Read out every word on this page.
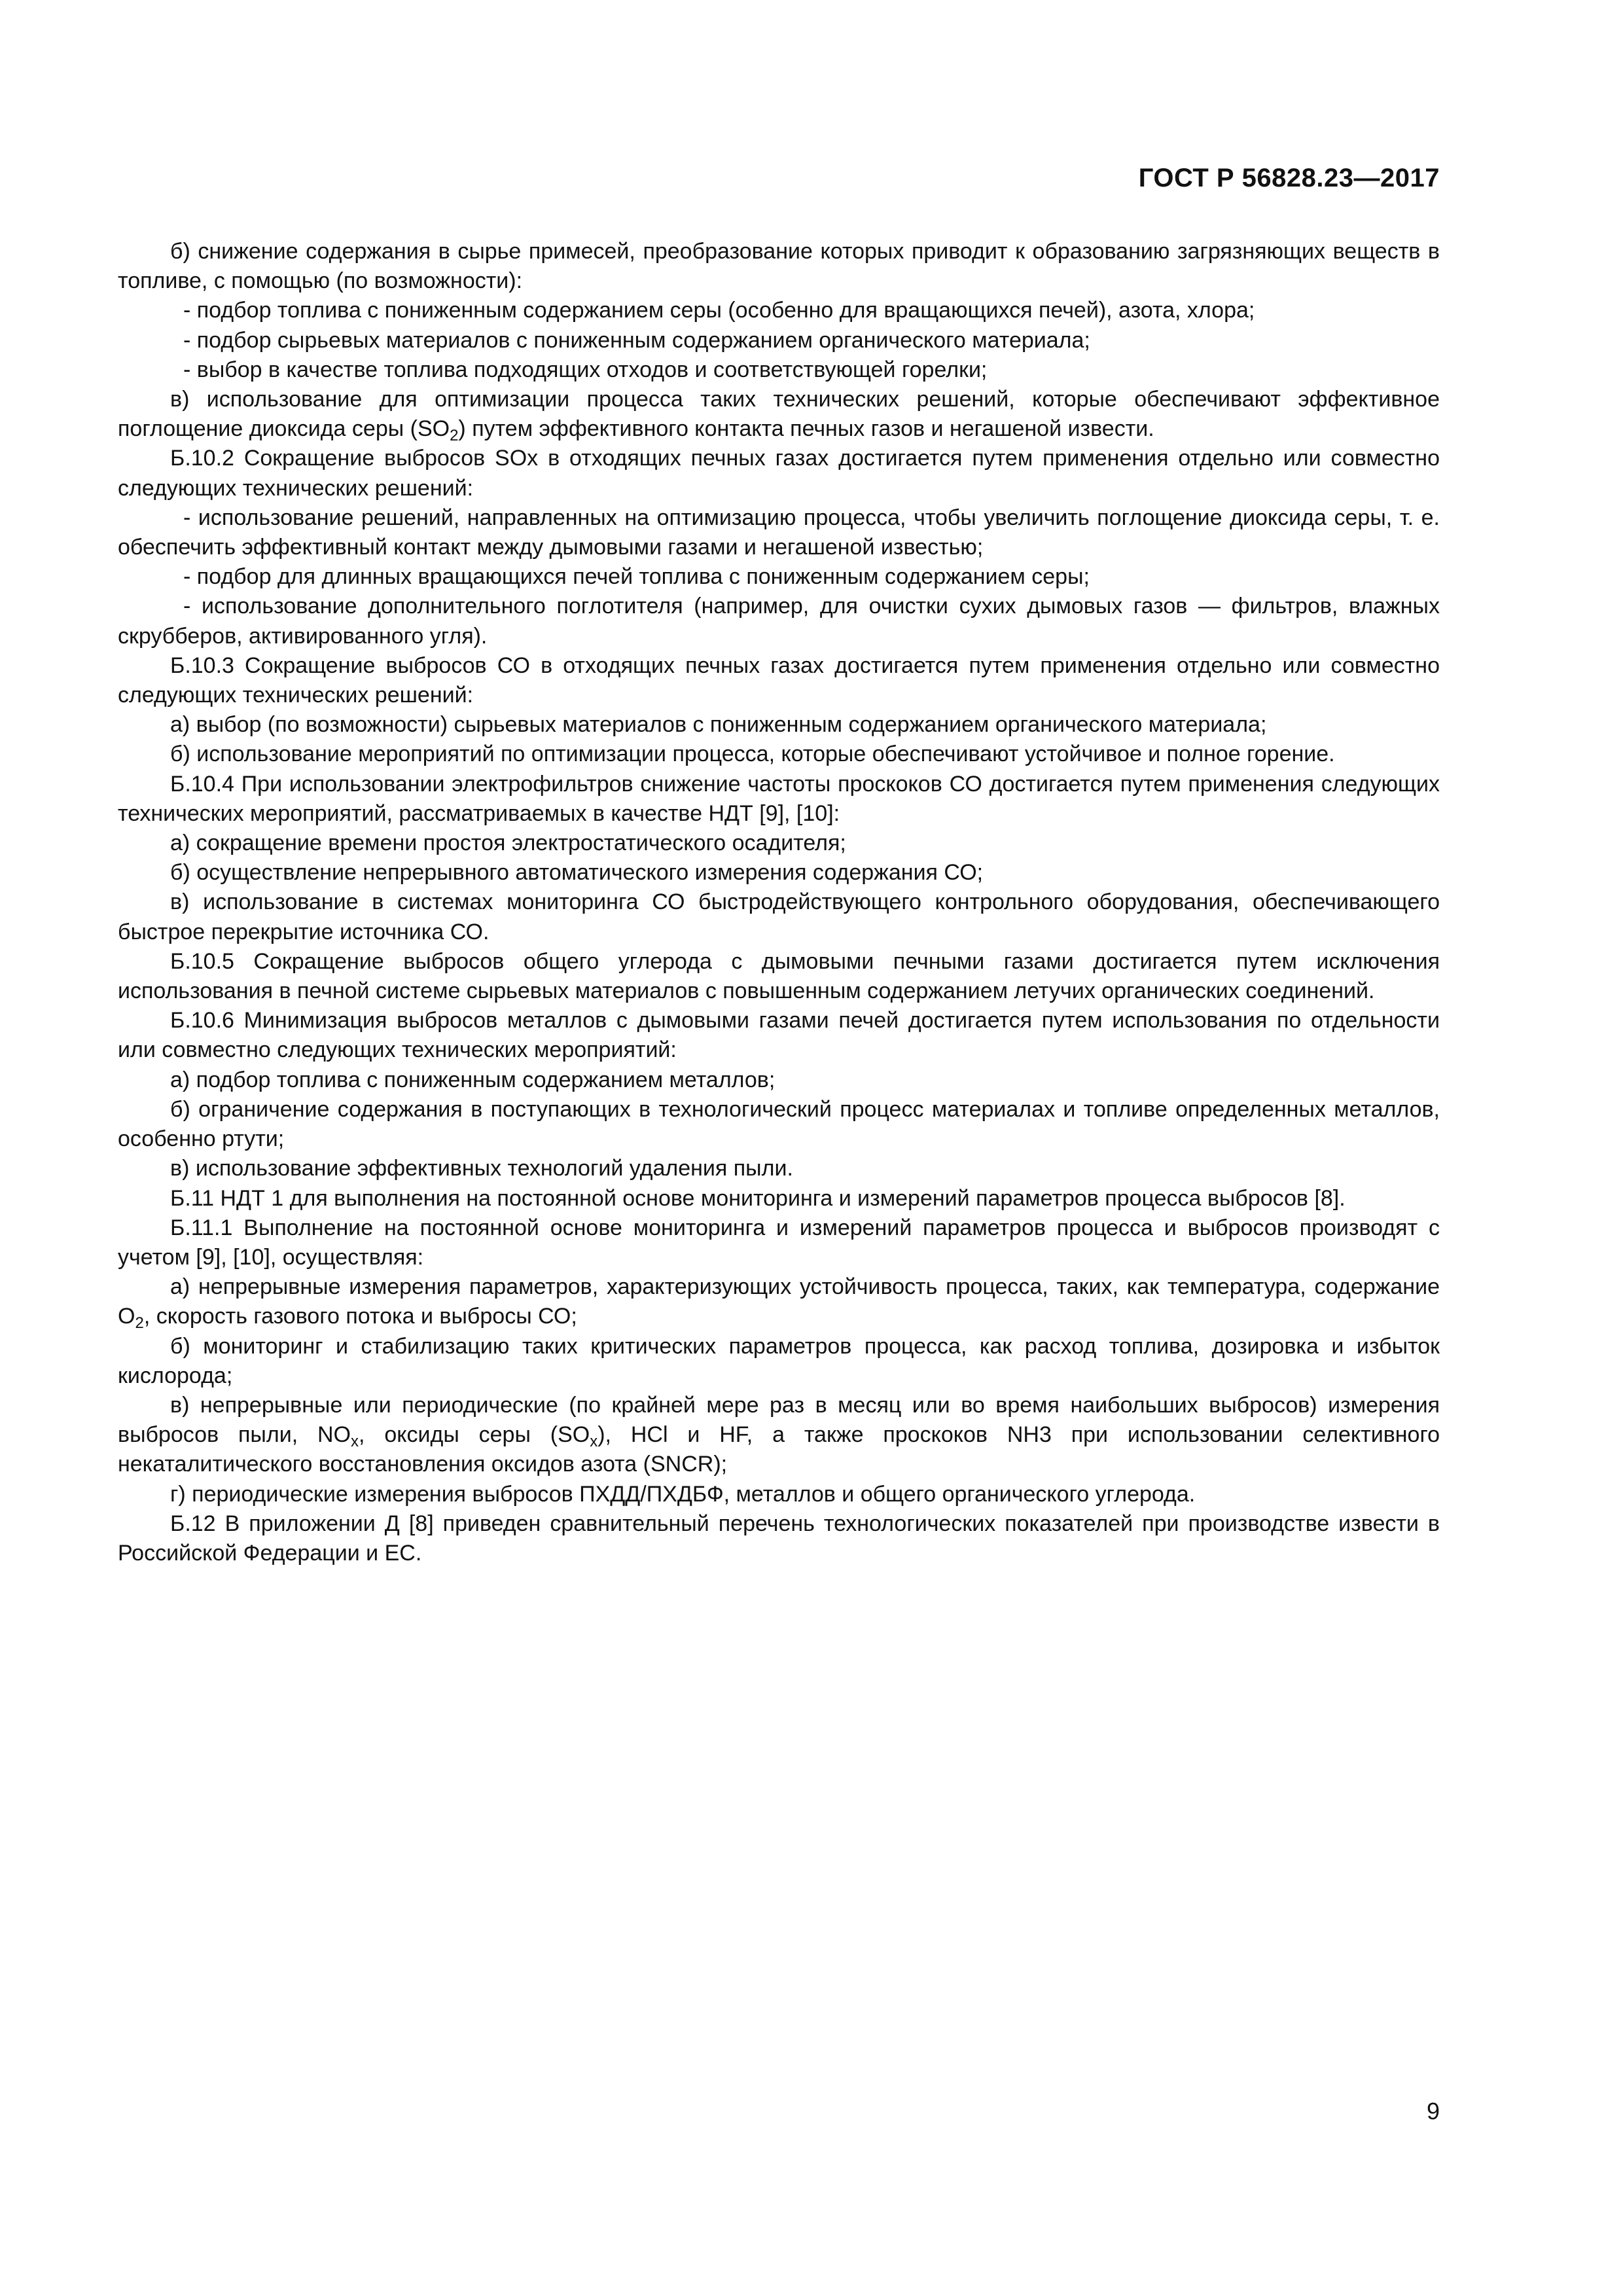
ГОСТ Р 56828.23—2017

б) снижение содержания в сырье примесей, преобразование которых приводит к образованию загрязняющих веществ в топливе, с помощью (по возможности):

- подбор топлива с пониженным содержанием серы (особенно для вращающихся печей), азота, хлора;

- подбор сырьевых материалов с пониженным содержанием органического материала;

- выбор в качестве топлива подходящих отходов и соответствующей горелки;

в) использование для оптимизации процесса таких технических решений, которые обеспечивают эффективное поглощение диоксида серы $(SO_2)$ путем эффективного контакта печных газов и негашеной извести.

Б.10.2 Сокращение выбросов SOx в отходящих печных газах достигается путем применения отдельно или совместно следующих технических решений:

- использование решений, направленных на оптимизацию процесса, чтобы увеличить поглощение диоксида серы, т. е. обеспечить эффективный контакт между дымовыми газами и негашеной известью;

- подбор для длинных вращающихся печей топлива с пониженным содержанием серы;

- использование дополнительного поглотителя (например, для очистки сухих дымовых газов — фильтров, влажных скрубберов, активированного угля).

Б.10.3 Сокращение выбросов СО в отходящих печных газах достигается путем применения отдельно или совместно следующих технических решений:

а) выбор (по возможности) сырьевых материалов с пониженным содержанием органического материала;

б) использование мероприятий по оптимизации процесса, которые обеспечивают устойчивое и полное горение.

Б.10.4 При использовании электрофильтров снижение частоты проскоков СО достигается путем применения следующих технических мероприятий, рассматриваемых в качестве НДТ [9], [10]:

а) сокращение времени простоя электростатического осадителя;

б) осуществление непрерывного автоматического измерения содержания СО;

в) использование в системах мониторинга СО быстродействующего контрольного оборудования, обеспечивающего быстрое перекрытие источника СО.

Б.10.5 Сокращение выбросов общего углерода с дымовыми печными газами достигается путем исключения использования в печной системе сырьевых материалов с повышенным содержанием летучих органических соединений.

Б.10.6 Минимизация выбросов металлов с дымовыми газами печей достигается путем использования по отдельности или совместно следующих технических мероприятий:

а) подбор топлива с пониженным содержанием металлов;

б) ограничение содержания в поступающих в технологический процесс материалах и топливе определенных металлов, особенно ртути;

в) использование эффективных технологий удаления пыли.

Б.11 НДТ 1 для выполнения на постоянной основе мониторинга и измерений параметров процесса выбросов [8].

Б.11.1 Выполнение на постоянной основе мониторинга и измерений параметров процесса и выбросов производят с учетом [9], [10], осуществляя:

а) непрерывные измерения параметров, характеризующих устойчивость процесса, таких, как температура, содержание $О_2$, скорость газового потока и выбросы СО;

б) мониторинг и стабилизацию таких критических параметров процесса, как расход топлива, дозировка и избыток кислорода;

в) непрерывные или периодические (по крайней мере раз в месяц или во время наибольших выбросов) измерения выбросов пыли, $NO_x$, оксиды серы $(SO_x)$, HCl и HF, а также проскоков NH3 при использовании селективного некаталитического восстановления оксидов азота (SNCR);

г) периодические измерения выбросов ПХДД/ПХДБФ, металлов и общего органического углерода.

Б.12 В приложении Д [8] приведен сравнительный перечень технологических показателей при производстве извести в Российской Федерации и ЕС.

9
